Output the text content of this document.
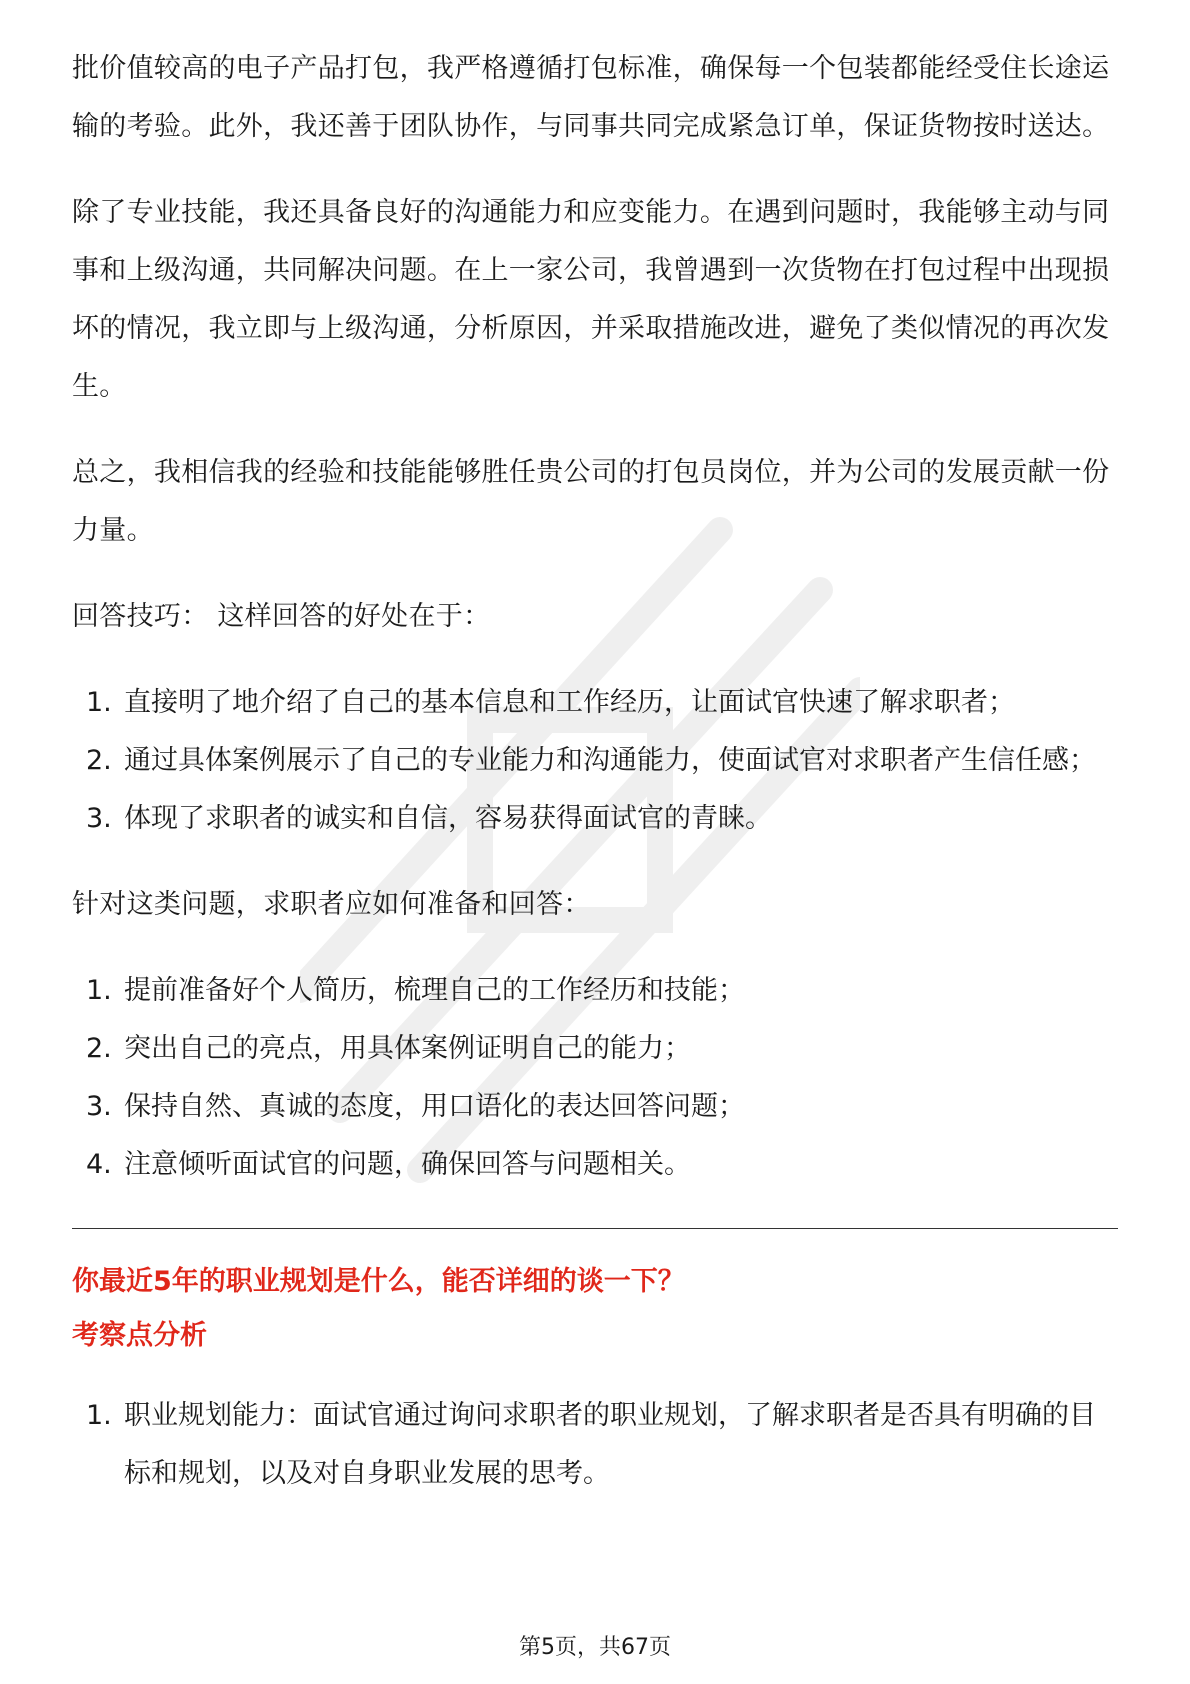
批价值较高的电子产品打包，我严格遵循打包标准，确保每一个包装都能经受住长途运输的考验。此外，我还善于团队协作，与同事共同完成紧急订单，保证货物按时送达。

除了专业技能，我还具备良好的沟通能力和应变能力。在遇到问题时，我能够主动与同事和上级沟通，共同解决问题。在上一家公司，我曾遇到一次货物在打包过程中出现损坏的情况，我立即与上级沟通，分析原因，并采取措施改进，避免了类似情况的再次发生。

总之，我相信我的经验和技能能够胜任贵公司的打包员岗位，并为公司的发展贡献一份力量。

回答技巧： 这样回答的好处在于：

1. 直接明了地介绍了自己的基本信息和工作经历，让面试官快速了解求职者；
2. 通过具体案例展示了自己的专业能力和沟通能力，使面试官对求职者产生信任感；
3. 体现了求职者的诚实和自信，容易获得面试官的青睐。

针对这类问题，求职者应如何准备和回答：

1. 提前准备好个人简历，梳理自己的工作经历和技能；
2. 突出自己的亮点，用具体案例证明自己的能力；
3. 保持自然、真诚的态度，用口语化的表达回答问题；
4. 注意倾听面试官的问题，确保回答与问题相关。
你最近5年的职业规划是什么，能否详细的谈一下？
考察点分析
1. 职业规划能力：面试官通过询问求职者的职业规划，了解求职者是否具有明确的目标和规划，以及对自身职业发展的思考。
第5页，共67页
